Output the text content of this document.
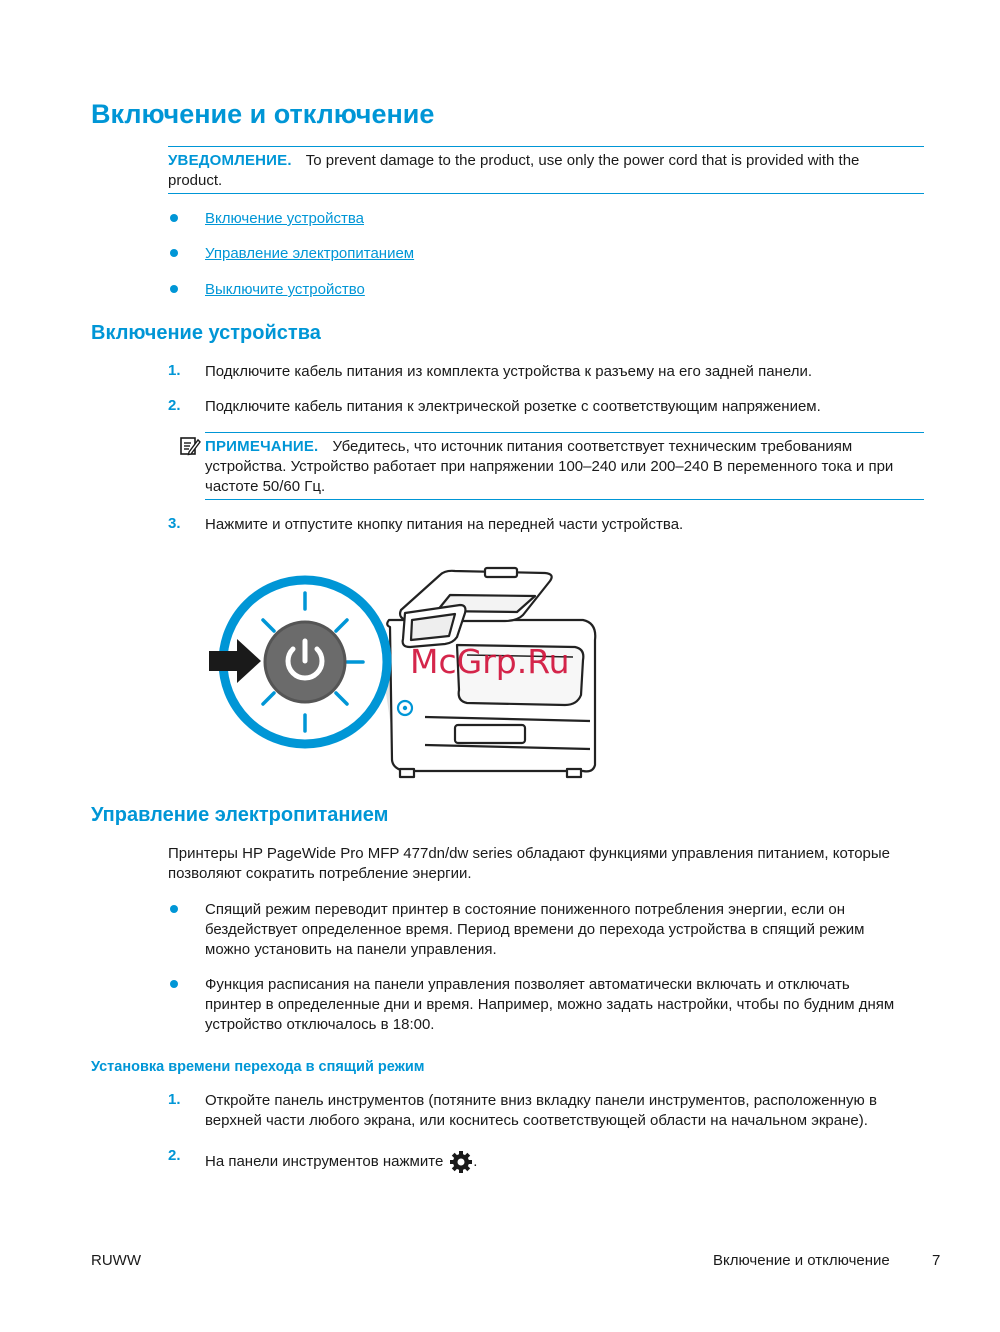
Включение и отключение
УВЕДОМЛЕНИЕ. To prevent damage to the product, use only the power cord that is provided with the
product.
Включение устройства
Управление электропитанием
Выключите устройство
Включение устройства
1. Подключите кабель питания из комплекта устройства к разъему на его задней панели.
2. Подключите кабель питания к электрической розетке с соответствующим напряжением.
ПРИМЕЧАНИЕ. Убедитесь, что источник питания соответствует техническим требованиям
устройства. Устройство работает при напряжении 100–240 или 200–240 В переменного тока и при
частоте 50/60 Гц.
3. Нажмите и отпустите кнопку питания на передней части устройства.
McGrp.Ru
Управление электропитанием
Принтеры HP PageWide Pro MFP 477dn/dw series обладают функциями управления питанием, которые
позволяют сократить потребление энергии.
Спящий режим переводит принтер в состояние пониженного потребления энергии, если он
бездействует определенное время. Период времени до перехода устройства в спящий режим
можно установить на панели управления.
Функция расписания на панели управления позволяет автоматически включать и отключать
принтер в определенные дни и время. Например, можно задать настройки, чтобы по будним дням
устройство отключалось в 18:00.
Установка времени перехода в спящий режим
1. Откройте панель инструментов (потяните вниз вкладку панели инструментов, расположенную в
верхней части любого экрана, или коснитесь соответствующей области на начальном экране).
2. На панели инструментов нажмите .
RUWW	Включение и отключение	7
